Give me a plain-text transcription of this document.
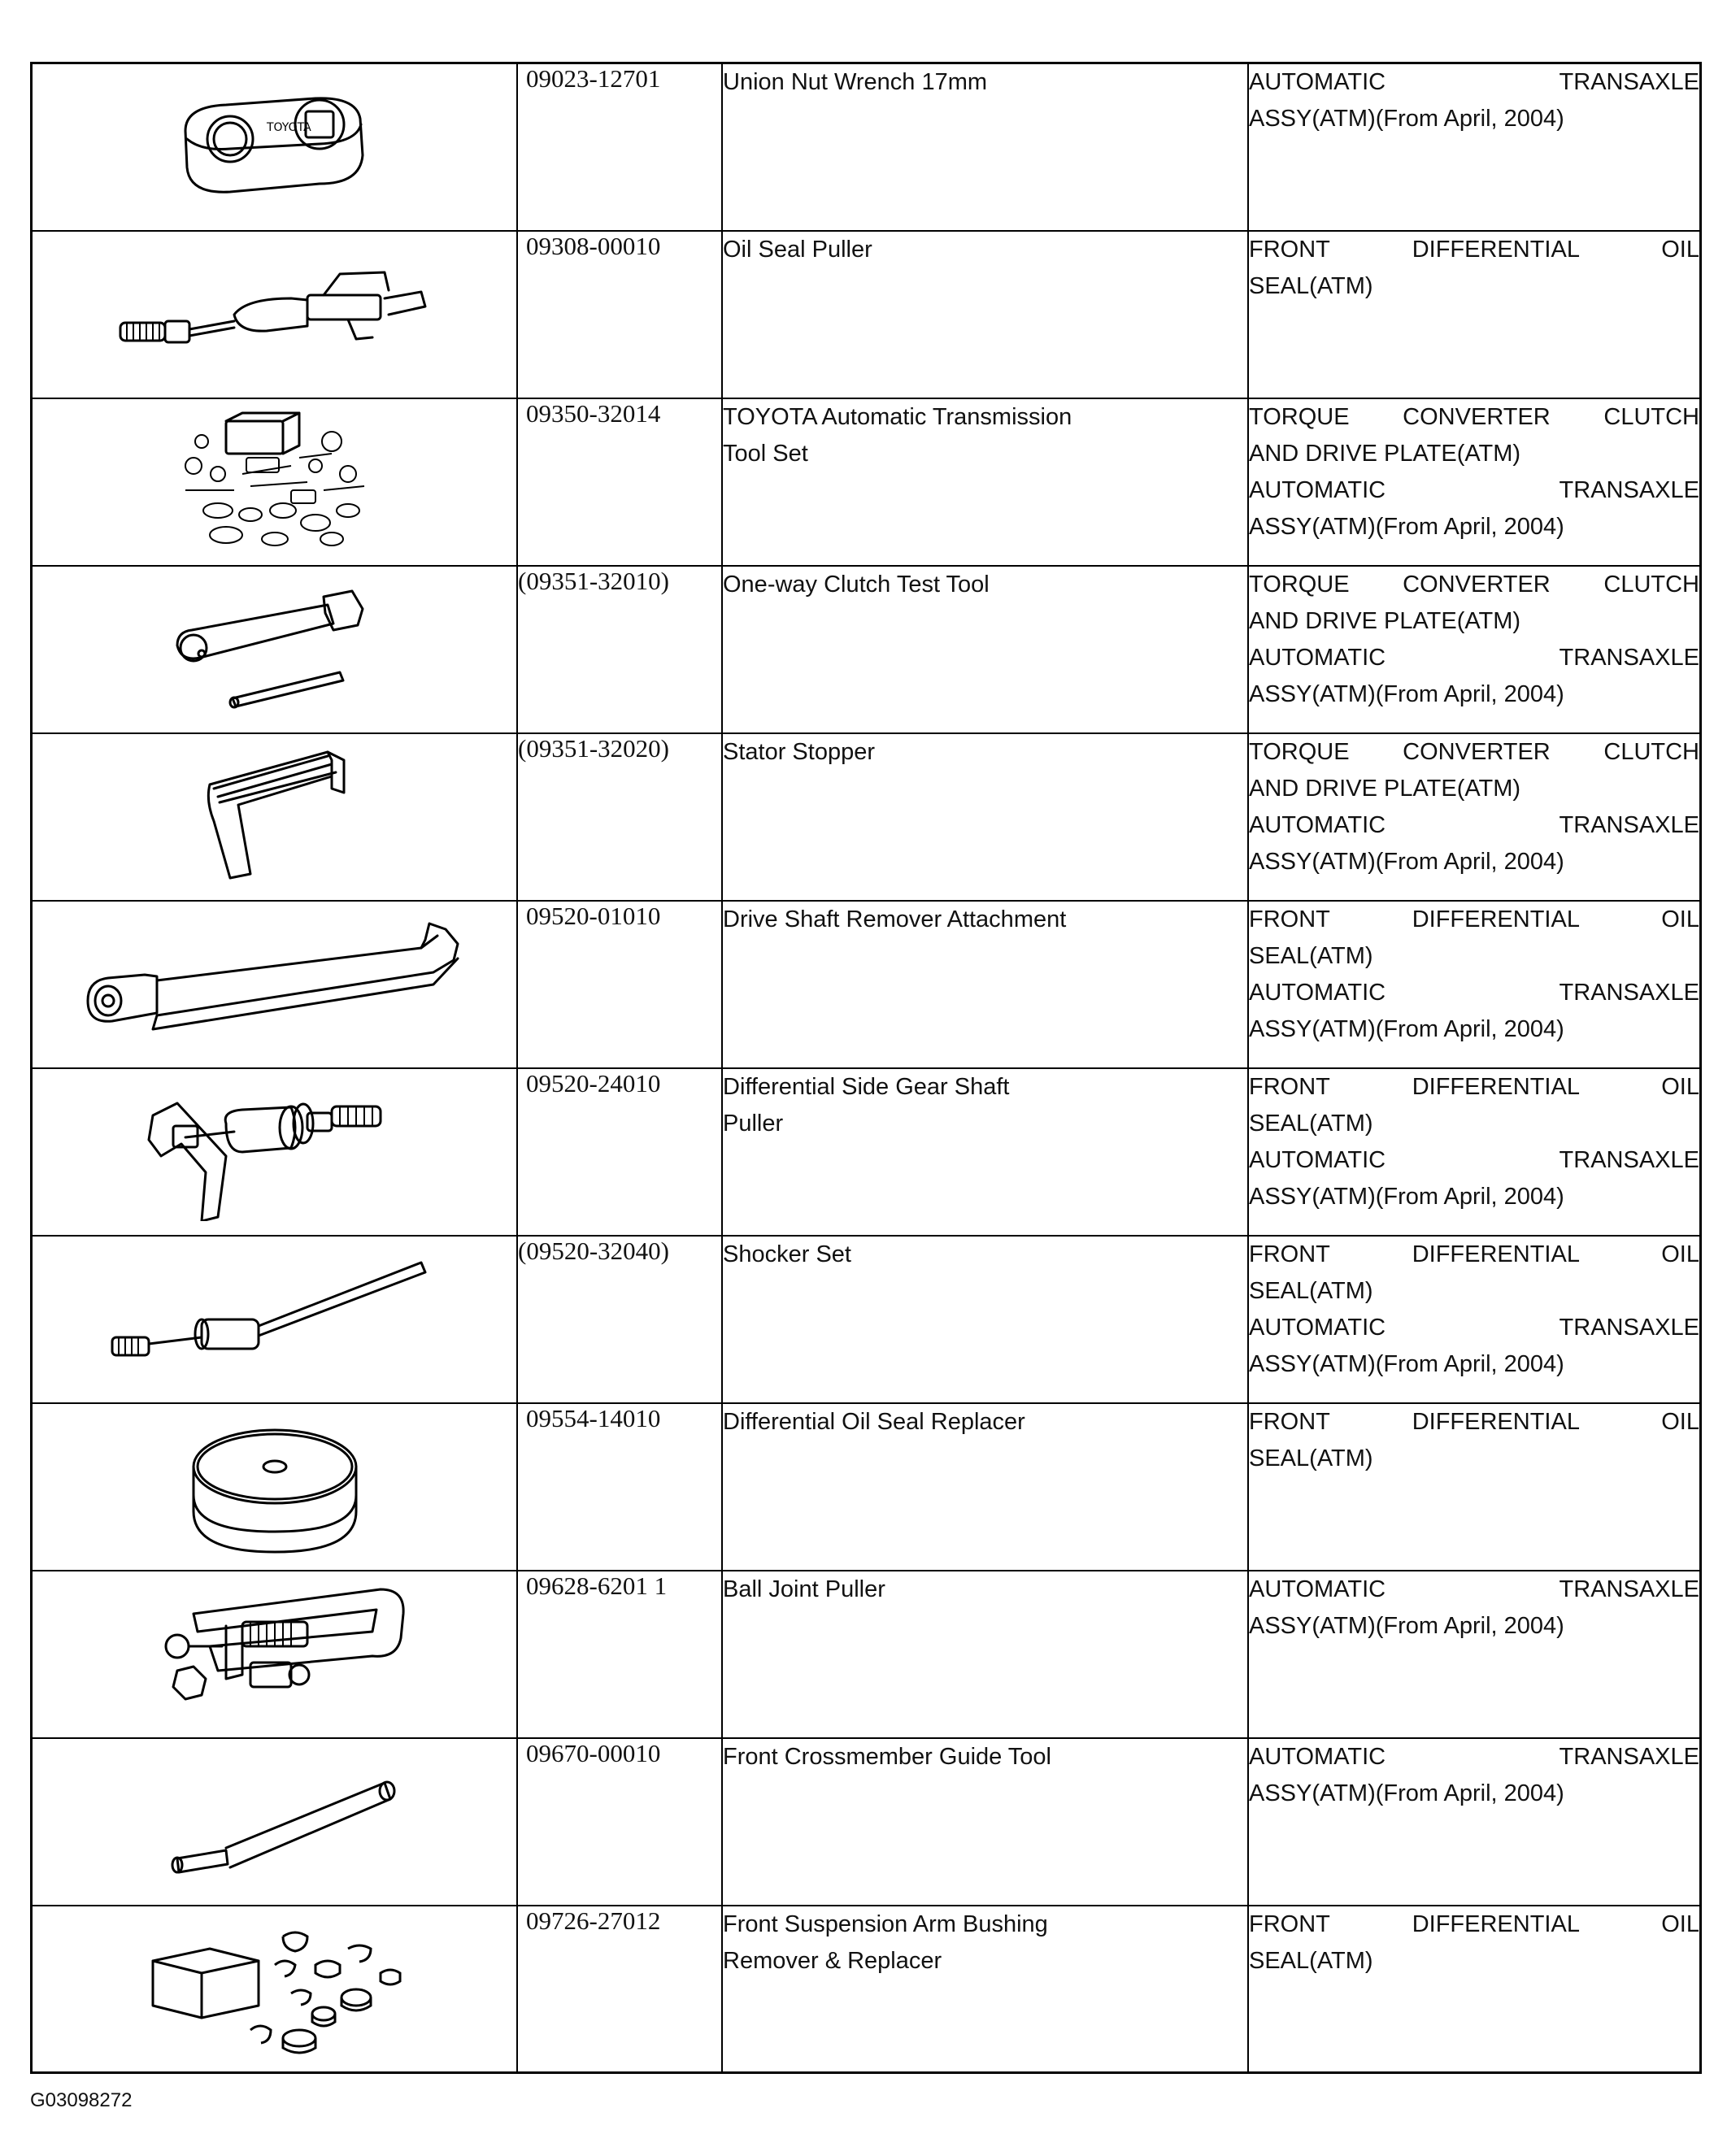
TOYOTA	09023-12701	Union Nut Wrench 17mm	AUTOMATIC TRANSAXLE
ASSY(ATM)(From April, 2004)

09308-00010	Oil Seal Puller	FRONT DIFFERENTIAL OIL
SEAL(ATM)

09350-32014	TOYOTA Automatic Transmission
Tool Set	TORQUE CONVERTER CLUTCH
AND DRIVE PLATE(ATM)
AUTOMATIC TRANSAXLE
ASSY(ATM)(From April, 2004)

(09351-32010)	One-way Clutch Test Tool	TORQUE CONVERTER CLUTCH
AND DRIVE PLATE(ATM)
AUTOMATIC TRANSAXLE
ASSY(ATM)(From April, 2004)

(09351-32020)	Stator Stopper	TORQUE CONVERTER CLUTCH
AND DRIVE PLATE(ATM)
AUTOMATIC TRANSAXLE
ASSY(ATM)(From April, 2004)

09520-01010	Drive Shaft Remover Attachment	FRONT DIFFERENTIAL OIL
SEAL(ATM)
AUTOMATIC TRANSAXLE
ASSY(ATM)(From April, 2004)

09520-24010	Differential Side Gear Shaft
Puller	FRONT DIFFERENTIAL OIL
SEAL(ATM)
AUTOMATIC TRANSAXLE
ASSY(ATM)(From April, 2004)

(09520-32040)	Shocker Set	FRONT DIFFERENTIAL OIL
SEAL(ATM)
AUTOMATIC TRANSAXLE
ASSY(ATM)(From April, 2004)

09554-14010	Differential Oil Seal Replacer	FRONT DIFFERENTIAL OIL
SEAL(ATM)

09628-6201 1	Ball Joint Puller	AUTOMATIC TRANSAXLE
ASSY(ATM)(From April, 2004)

09670-00010	Front Crossmember Guide Tool	AUTOMATIC TRANSAXLE
ASSY(ATM)(From April, 2004)

09726-27012	Front Suspension Arm Bushing
Remover & Replacer	FRONT DIFFERENTIAL OIL
SEAL(ATM)
G03098272
